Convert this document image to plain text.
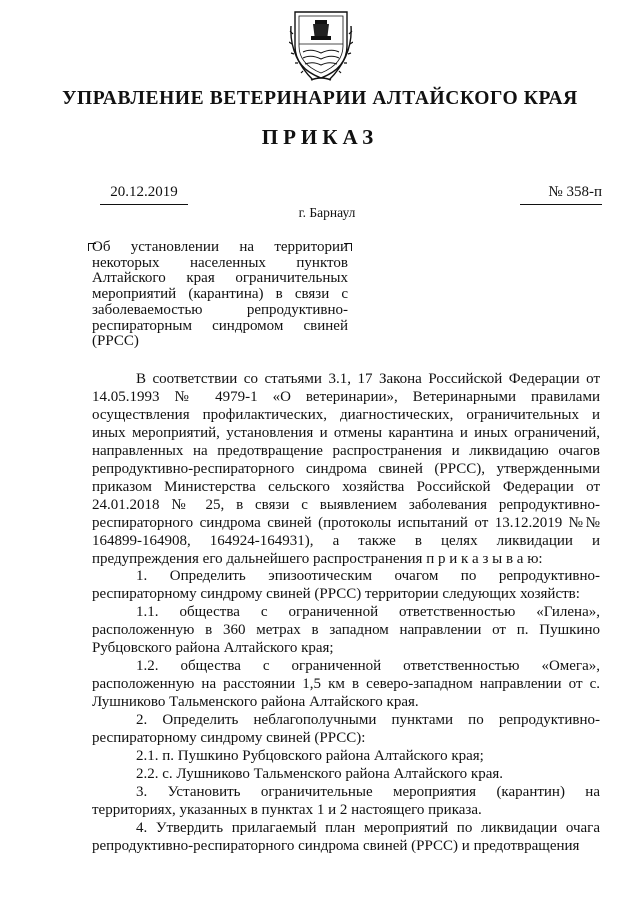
УПРАВЛЕНИЕ ВЕТЕРИНАРИИ АЛТАЙСКОГО КРАЯ
ПРИКАЗ
20.12.2019	№ 358-п
г. Барнаул
Об установлении на территории некоторых населенных пунктов Алтайского края ограничительных мероприятий (карантина) в связи с заболеваемостью репродуктивно-респираторным синдромом свиней (РРСС)

В соответствии со статьями 3.1, 17 Закона Российской Федерации от 14.05.1993 № 4979-1 «О ветеринарии», Ветеринарными правилами осуществления профилактических, диагностических, ограничительных и иных мероприятий, установления и отмены карантина и иных ограничений, направленных на предотвращение распространения и ликвидацию очагов репродуктивно-респираторного синдрома свиней (РРСС), утвержденными приказом Министерства сельского хозяйства Российской Федерации от 24.01.2018 № 25, в связи с выявлением заболевания репродуктивно-респираторного синдрома свиней (протоколы испытаний от 13.12.2019 №№ 164899-164908, 164924-164931), а также в целях ликвидации и предупреждения его дальнейшего распространения п р и к а з ы в а ю:

1. Определить эпизоотическим очагом по репродуктивно-респираторному синдрому свиней (РРСС) территории следующих хозяйств:

1.1. общества с ограниченной ответственностью «Гилена», расположенную в 360 метрах в западном направлении от п. Пушкино Рубцовского района Алтайского края;

1.2. общества с ограниченной ответственностью «Омега», расположенную на расстоянии 1,5 км в северо-западном направлении от с. Лушниково Тальменского района Алтайского края.

2. Определить неблагополучными пунктами по репродуктивно-респираторному синдрому свиней (РРСС):

2.1. п. Пушкино Рубцовского района Алтайского края;

2.2. с. Лушниково Тальменского района Алтайского края.

3. Установить ограничительные мероприятия (карантин) на территориях, указанных в пунктах 1 и 2 настоящего приказа.

4. Утвердить прилагаемый план мероприятий по ликвидации очага репродуктивно-респираторного синдрома свиней (РРСС) и предотвращения
